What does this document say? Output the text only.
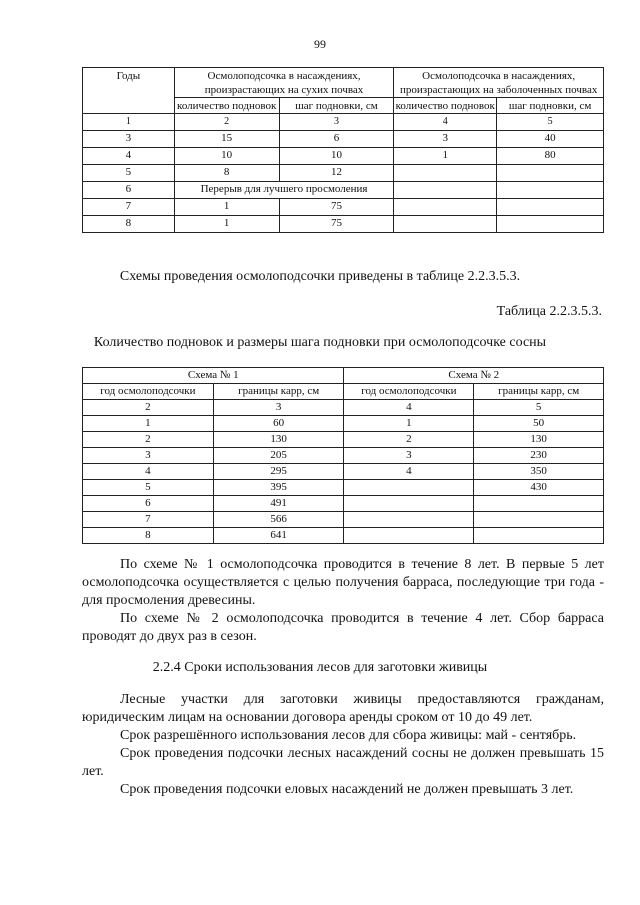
99
Годы	Осмолоподсочка в насаждениях, произрастающих на сухих почвах		Осмолоподсочка в насаждениях, произрастающих на заболоченных почвах	
	количество подновок	шаг подновки, см	количество подновок	шаг подновки, см
1	2	3	4	5
3	15	6	3	40
4	10	10	1	80
5	8	12		
6	Перерыв для лучшего просмоления			
7	1	75		
8	1	75		
Схемы проведения осмолоподсочки приведены в таблице 2.2.3.5.3.
Таблица 2.2.3.5.3.
Количество подновок и размеры шага подновки при осмолоподсочке сосны
Схема № 1		Схема № 2	
год осмолоподсочки	границы карр, см	год осмолоподсочки	границы карр, см
2	3	4	5
1	60	1	50
2	130	2	130
3	205	3	230
4	295	4	350
5	395		430
6	491		
7	566		
8	641		

По схеме № 1 осмолоподсочка проводится в течение 8 лет. В первые 5 лет осмолоподсочка осуществляется с целью получения барраса, последующие три года - для просмоления древесины.

По схеме № 2 осмолоподсочка проводится в течение 4 лет. Сбор барраса проводят до двух раз в сезон.

2.2.4 Сроки использования лесов для заготовки живицы

Лесные участки для заготовки живицы предоставляются гражданам, юридическим лицам на основании договора аренды сроком от 10 до 49 лет.

Срок разрешённого использования лесов для сбора живицы: май - сентябрь.

Срок проведения подсочки лесных насаждений сосны не должен превышать 15 лет.

Срок проведения подсочки еловых насаждений не должен превышать 3 лет.
